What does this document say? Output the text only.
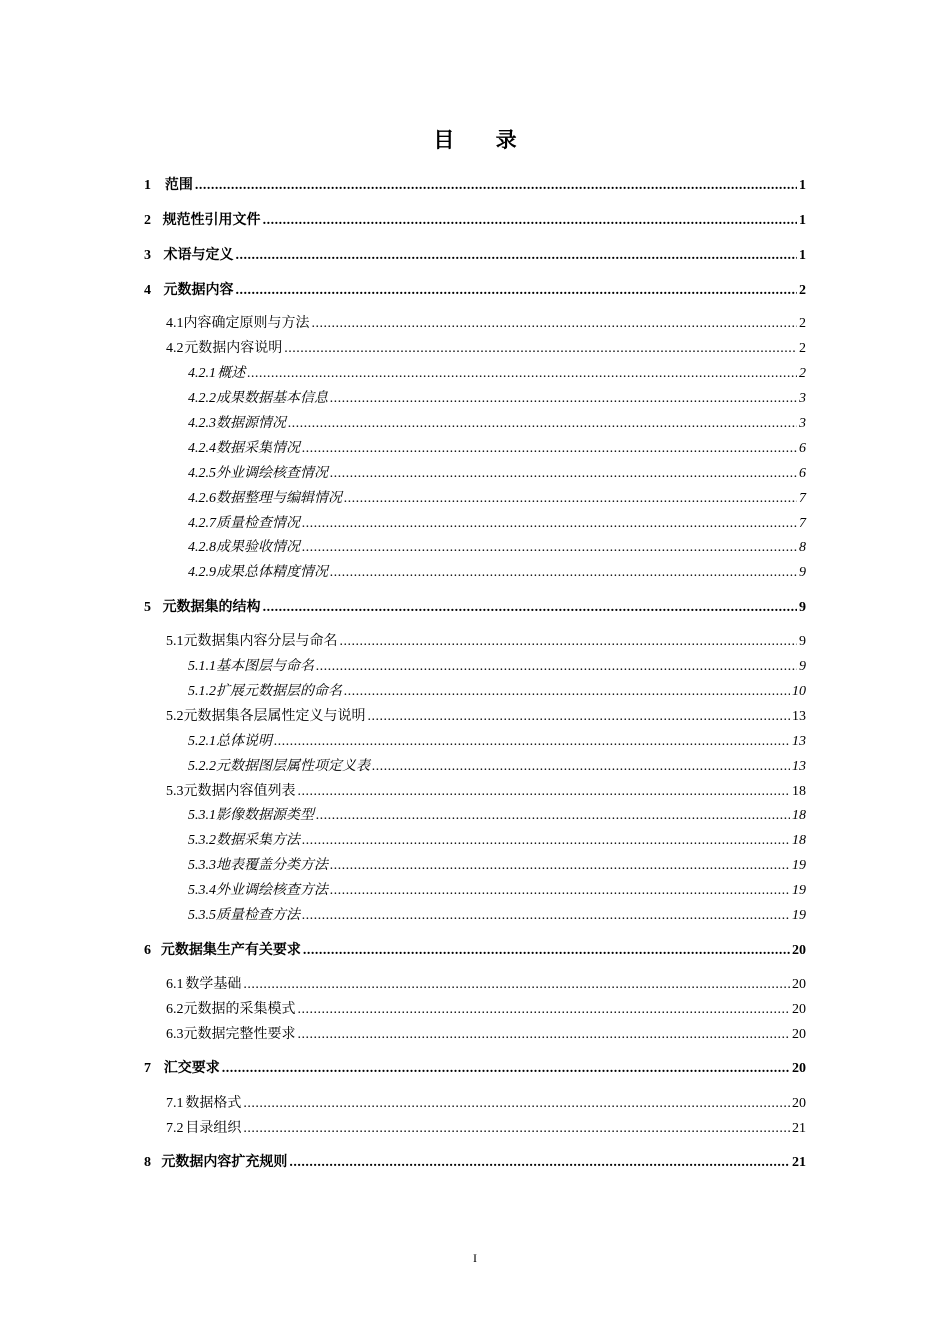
目 录
1 范围 .....	1
2 规范性引用文件 .....	1
3 术语与定义 .....	1
4 元数据内容 .....	2
4.1 内容确定原则与方法 .....	2
4.2 元数据内容说明 .....	2
4.2.1 概述 .....	2
4.2.2 成果数据基本信息 .....	3
4.2.3 数据源情况 .....	3
4.2.4 数据采集情况 .....	6
4.2.5 外业调绘核查情况 .....	6
4.2.6 数据整理与编辑情况 .....	7
4.2.7 质量检查情况 .....	7
4.2.8 成果验收情况 .....	8
4.2.9 成果总体精度情况 .....	9
5 元数据集的结构 .....	9
5.1 元数据集内容分层与命名 .....	9
5.1.1 基本图层与命名 .....	9
5.1.2 扩展元数据层的命名 .....	10
5.2 元数据集各层属性定义与说明 .....	13
5.2.1 总体说明 .....	13
5.2.2 元数据图层属性项定义表 .....	13
5.3 元数据内容值列表 .....	18
5.3.1 影像数据源类型 .....	18
5.3.2 数据采集方法 .....	18
5.3.3 地表覆盖分类方法 .....	19
5.3.4 外业调绘核查方法 .....	19
5.3.5 质量检查方法 .....	19
6 元数据集生产有关要求 .....	20
6.1 数学基础 .....	20
6.2 元数据的采集模式 .....	20
6.3 元数据完整性要求 .....	20
7 汇交要求 .....	20
7.1 数据格式 .....	20
7.2 目录组织 .....	21
8 元数据内容扩充规则 .....	21
I
